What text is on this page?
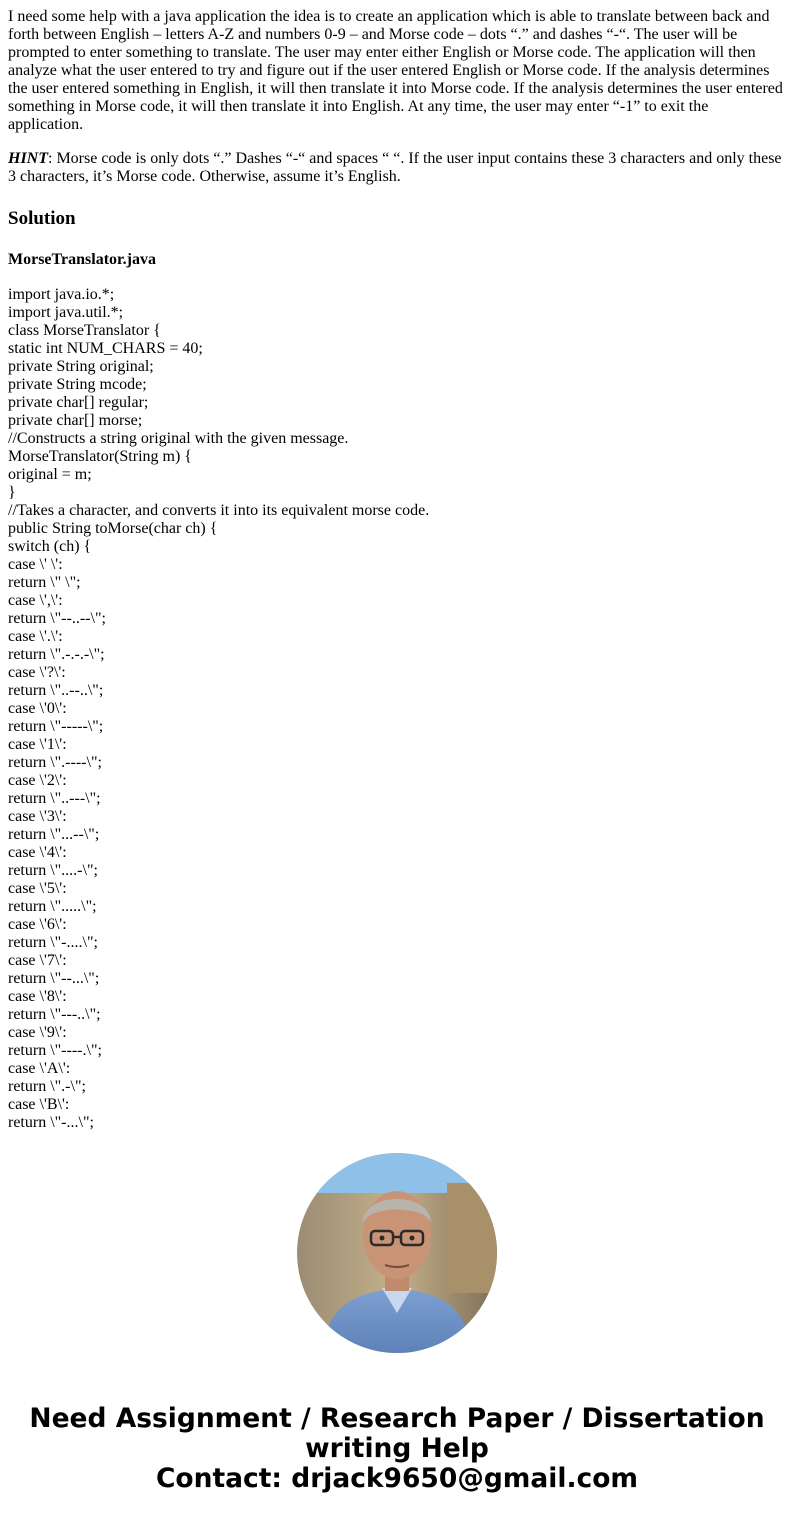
I need some help with a java application the idea is to create an application which is able to translate between back and forth between English – letters A-Z and numbers 0-9 – and Morse code – dots “.” and dashes “-“. The user will be prompted to enter something to translate. The user may enter either English or Morse code. The application will then analyze what the user entered to try and figure out if the user entered English or Morse code. If the analysis determines the user entered something in English, it will then translate it into Morse code. If the analysis determines the user entered something in Morse code, it will then translate it into English. At any time, the user may enter “-1” to exit the application.

HINT: Morse code is only dots “.” Dashes “-“ and spaces “ “. If the user input contains these 3 characters and only these 3 characters, it’s Morse code. Otherwise, assume it’s English.

Solution
MorseTranslator.java
import java.io.*;
import java.util.*;
class MorseTranslator {
static int NUM_CHARS = 40;
private String original;
private String mcode;
private char[] regular;
private char[] morse;
//Constructs a string original with the given message.
MorseTranslator(String m) {
original = m;
}
//Takes a character, and converts it into its equivalent morse code.
public String toMorse(char ch) {
switch (ch) {
case \' \':
return \" \";
case \',\':
return \"--..--\";
case \'.\':
return \".-.-.-\";
case \'?\':
return \"..--..\";
case \'0\':
return \"-----\";
case \'1\':
return \".----\";
case \'2\':
return \"..---\";
case \'3\':
return \"...--\";
case \'4\':
return \"....-\";
case \'5\':
return \".....\";
case \'6\':
return \"-....\";
case \'7\':
return \"--...\";
case \'8\':
return \"---..\";
case \'9\':
return \"----.\";
case \'A\':
return \".-\";
case \'B\':
return \"-...\";
Need Assignment / Research Paper / Dissertation
writing Help
Contact: drjack9650@gmail.com
